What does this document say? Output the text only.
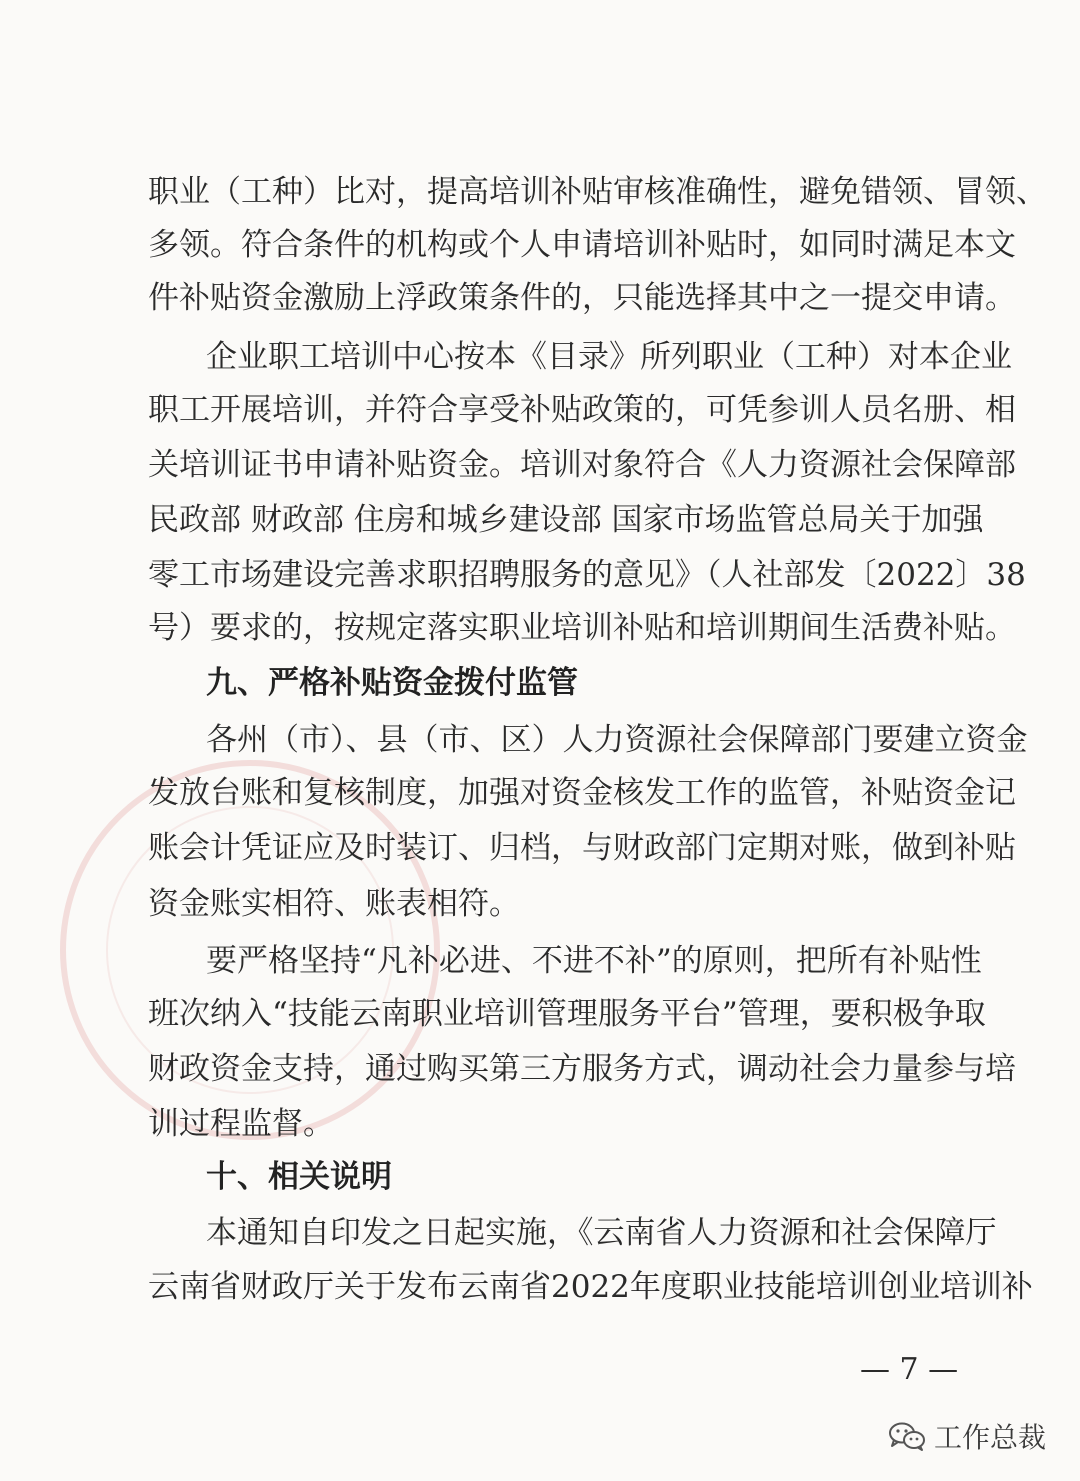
职业（工种）比对，提高培训补贴审核准确性，避免错领、冒领、
多领。符合条件的机构或个人申请培训补贴时，如同时满足本文
件补贴资金激励上浮政策条件的，只能选择其中之一提交申请。
企业职工培训中心按本《目录》所列职业（工种）对本企业
职工开展培训，并符合享受补贴政策的，可凭参训人员名册、相
关培训证书申请补贴资金。培训对象符合《人力资源社会保障部
民政部 财政部 住房和城乡建设部 国家市场监管总局关于加强
零工市场建设完善求职招聘服务的意见》（人社部发〔2022〕38
号）要求的，按规定落实职业培训补贴和培训期间生活费补贴。
九、严格补贴资金拨付监管
各州（市）、县（市、区）人力资源社会保障部门要建立资金
发放台账和复核制度，加强对资金核发工作的监管，补贴资金记
账会计凭证应及时装订、归档，与财政部门定期对账，做到补贴
资金账实相符、账表相符。
要严格坚持“凡补必进、不进不补”的原则，把所有补贴性
班次纳入“技能云南职业培训管理服务平台”管理，要积极争取
财政资金支持，通过购买第三方服务方式，调动社会力量参与培
训过程监督。
十、相关说明
本通知自印发之日起实施，《云南省人力资源和社会保障厅
云南省财政厅关于发布云南省2022年度职业技能培训创业培训补
— 7 —
工作总裁
